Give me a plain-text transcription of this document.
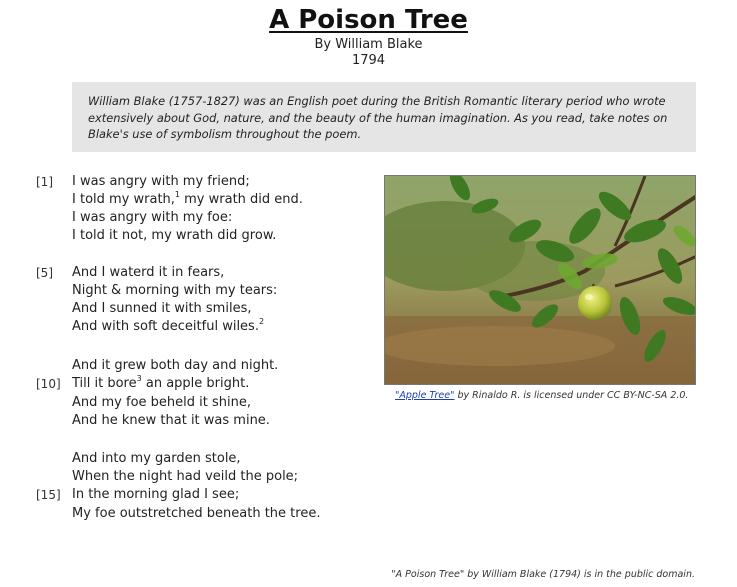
A Poison Tree
By William Blake
1794
William Blake (1757-1827) was an English poet during the British Romantic literary period who wrote extensively about God, nature, and the beauty of the human imagination. As you read, take notes on Blake's use of symbolism throughout the poem.
[1] I was angry with my friend;
I told my wrath,$^1$ my wrath did end.
I was angry with my foe:
I told it not, my wrath did grow.
[5] And I waterd it in fears,
Night & morning with my tears:
And I sunned it with smiles,
And with soft deceitful wiles.$^2$
And it grew both day and night.
[10] Till it bore$^3$ an apple bright.
And my foe beheld it shine,
And he knew that it was mine.
And into my garden stole,
When the night had veild the pole;
[15] In the morning glad I see;
My foe outstretched beneath the tree.
"Apple Tree" by Rinaldo R. is licensed under CC BY-NC-SA 2.0.
"A Poison Tree" by William Blake (1794) is in the public domain.
